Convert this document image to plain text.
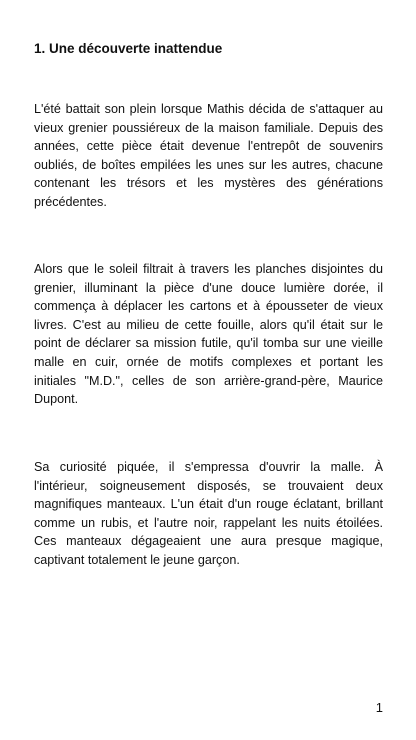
1. Une découverte inattendue

L'été battait son plein lorsque Mathis décida de s'attaquer au vieux grenier poussiéreux de la maison familiale. Depuis des années, cette pièce était devenue l'entrepôt de souvenirs oubliés, de boîtes empilées les unes sur les autres, chacune contenant les trésors et les mystères des générations précédentes.

Alors que le soleil filtrait à travers les planches disjointes du grenier, illuminant la pièce d'une douce lumière dorée, il commença à déplacer les cartons et à épousseter de vieux livres. C'est au milieu de cette fouille, alors qu'il était sur le point de déclarer sa mission futile, qu'il tomba sur une vieille malle en cuir, ornée de motifs complexes et portant les initiales "M.D.", celles de son arrière-grand-père, Maurice Dupont.

Sa curiosité piquée, il s'empressa d'ouvrir la malle. À l'intérieur, soigneusement disposés, se trouvaient deux magnifiques manteaux. L'un était d'un rouge éclatant, brillant comme un rubis, et l'autre noir, rappelant les nuits étoilées. Ces manteaux dégageaient une aura presque magique, captivant totalement le jeune garçon.

1
